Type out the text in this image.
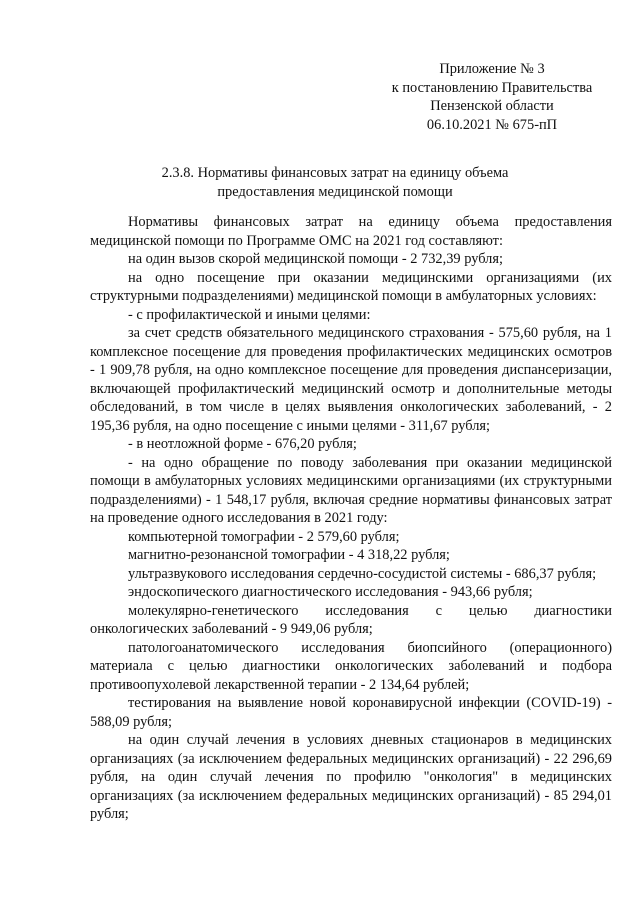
Приложение № 3
к постановлению Правительства
Пензенской области
06.10.2021 № 675-пП
2.3.8. Нормативы финансовых затрат на единицу объема
предоставления медицинской помощи

Нормативы финансовых затрат на единицу объема предоставления медицинской помощи по Программе ОМС на 2021 год составляют:

на один вызов скорой медицинской помощи - 2 732,39 рубля;

на одно посещение при оказании медицинскими организациями (их структурными подразделениями) медицинской помощи в амбулаторных условиях:

- с профилактической и иными целями:

за счет средств обязательного медицинского страхования - 575,60 рубля, на 1 комплексное посещение для проведения профилактических медицинских осмотров - 1 909,78 рубля, на одно комплексное посещение для проведения диспансеризации, включающей профилактический медицинский осмотр и дополнительные методы обследований, в том числе в целях выявления онкологических заболеваний, - 2 195,36 рубля, на одно посещение с иными целями - 311,67 рубля;

- в неотложной форме - 676,20 рубля;

- на одно обращение по поводу заболевания при оказании медицинской помощи в амбулаторных условиях медицинскими организациями (их структурными подразделениями) - 1 548,17 рубля, включая средние нормативы финансовых затрат на проведение одного исследования в 2021 году:

компьютерной томографии - 2 579,60 рубля;

магнитно-резонансной томографии - 4 318,22 рубля;

ультразвукового исследования сердечно-сосудистой системы - 686,37 рубля;

эндоскопического диагностического исследования - 943,66 рубля;

молекулярно-генетического исследования с целью диагностики онкологических заболеваний - 9 949,06 рубля;

патологоанатомического исследования биопсийного (операционного) материала с целью диагностики онкологических заболеваний и подбора противоопухолевой лекарственной терапии - 2 134,64 рублей;

тестирования на выявление новой коронавирусной инфекции (COVID-19) - 588,09 рубля;

на один случай лечения в условиях дневных стационаров в медицинских организациях (за исключением федеральных медицинских организаций) - 22 296,69 рубля, на один случай лечения по профилю "онкология" в медицинских организациях (за исключением федеральных медицинских организаций) - 85 294,01 рубля;
